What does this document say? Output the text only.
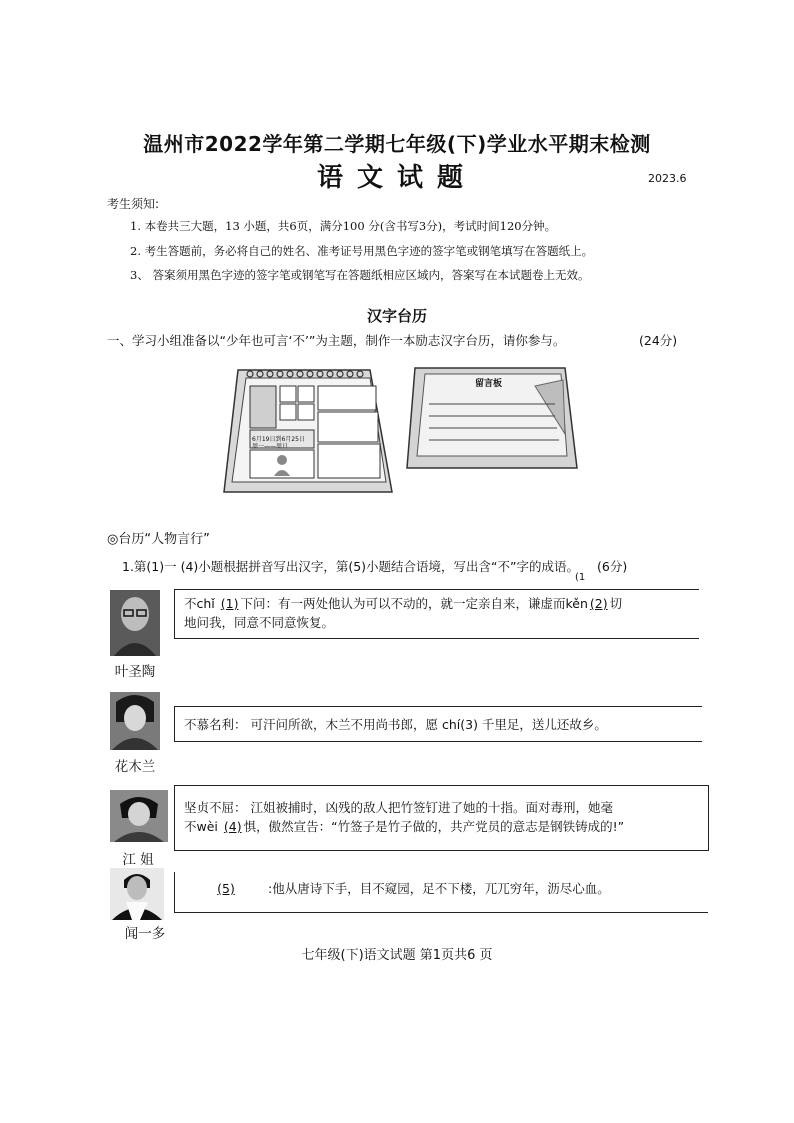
温州市2022学年第二学期七年级(下)学业水平期末检测
语文试题	2023.6
考生须知:
1. 本卷共三大题，13 小题，共6页，满分100 分(含书写3分)，考试时间120分钟。
2. 考生答题前，务必将自己的姓名、准考证号用黑色字迹的签字笔或钢笔填写在答题纸上。
3、 答案须用黑色字迹的签字笔或钢笔写在答题纸相应区域内，答案写在本试题卷上无效。
汉字台历
一、学习小组准备以“少年也可言‘不’”为主题，制作一本励志汉字台历，请你参与。	(24分)
6月19日到6月25日
周一——周日
留言板
◎台历“人物言行”
1.第(1)一 (4)小题根据拼音写出汉字，第(5)小题结合语境，写出含“不”字的成语。 (6分)
(1
叶圣陶
不chǐ (1) 下问：有一两处他认为可以不动的，就一定亲自来，谦虚而kěn (2) 切
地问我，同意不同意恢复。
花木兰
不慕名利： 可汗问所欲，木兰不用尚书郎，愿 chí(3) 千里足，送儿还故乡。
江 姐
坚贞不屈： 江姐被捕时，凶残的敌人把竹签钉进了她的十指。面对毒刑，她毫
不wèi (4) 惧，傲然宣告：“竹签子是竹子做的，共产党员的意志是钢铁铸成的!”
闻一多
(5)	:他从唐诗下手，目不窥园，足不下楼，兀兀穷年，沥尽心血。
七年级(下)语文试题 第1页共6 页
